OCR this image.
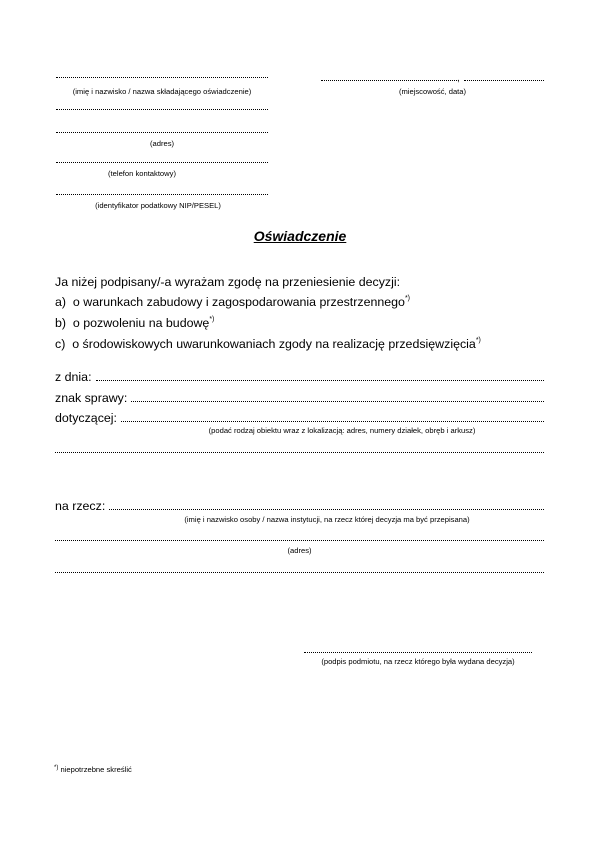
(imię i nazwisko / nazwa składającego oświadczenie)
(adres)
(telefon kontaktowy)
(identyfikator podatkowy NIP/PESEL)
,
(miejscowość, data)
Oświadczenie
Ja niżej podpisany/-a wyrażam zgodę na przeniesienie decyzji:
a) o warunkach zabudowy i zagospodarowania przestrzennego*)
b) o pozwoleniu na budowę*)
c) o środowiskowych uwarunkowaniach zgody na realizację przedsięwzięcia*)
z dnia:
znak sprawy:
dotyczącej:
(podać rodzaj obiektu wraz z lokalizacją: adres, numery działek, obręb i arkusz)
na rzecz:
(imię i nazwisko osoby / nazwa instytucji, na rzecz której decyzja ma być przepisana)
(adres)
(podpis podmiotu, na rzecz którego była wydana decyzja)
*) niepotrzebne skreślić
